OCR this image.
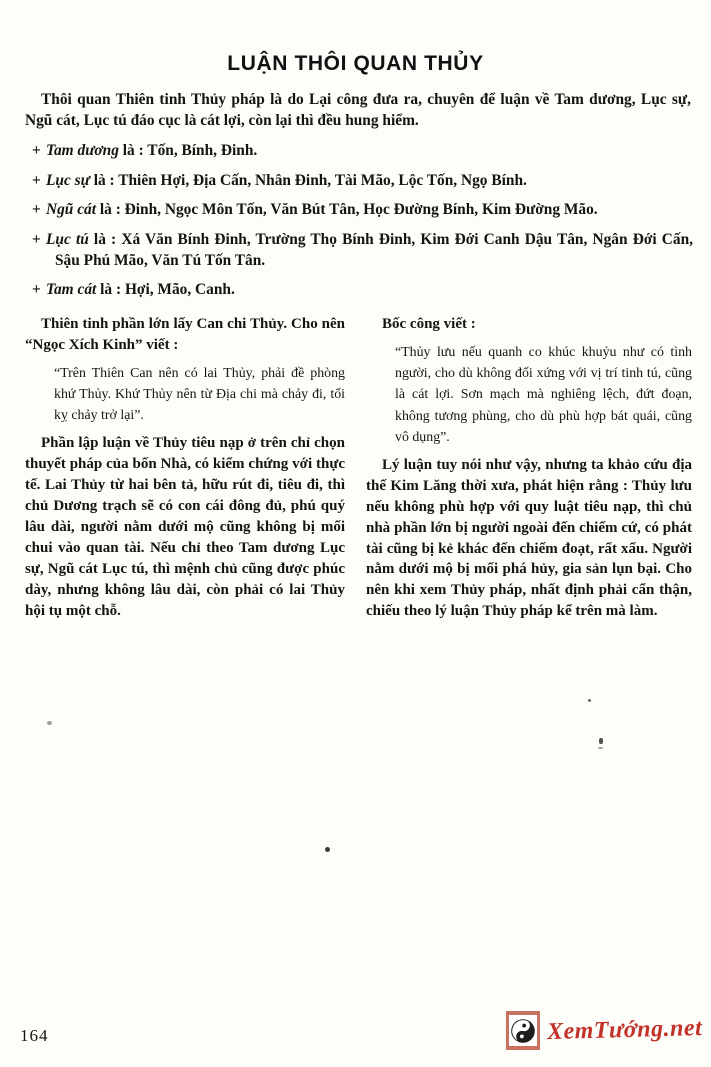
LUẬN THÔI QUAN THỦY

Thôi quan Thiên tinh Thủy pháp là do Lại công đưa ra, chuyên để luận về Tam dương, Lục sự, Ngũ cát, Lục tú đáo cục là cát lợi, còn lại thì đều hung hiểm.

+ Tam dương là : Tốn, Bính, Đinh.
+ Lục sự là : Thiên Hợi, Địa Cấn, Nhân Đinh, Tài Mão, Lộc Tốn, Ngọ Bính.
+ Ngũ cát là : Đinh, Ngọc Môn Tốn, Văn Bút Tân, Học Đường Bính, Kim Đường Mão.
+ Lục tú là : Xá Văn Bính Đinh, Trường Thọ Bính Đinh, Kim Đới Canh Dậu Tân, Ngân Đới Cấn, Sậu Phú Mão, Văn Tú Tốn Tân.
+ Tam cát là : Hợi, Mão, Canh.

Thiên tinh phần lớn lấy Can chi Thủy. Cho nên “Ngọc Xích Kinh” viết :

“Trên Thiên Can nên có lai Thủy, phải đề phòng khứ Thủy. Khứ Thủy nên từ Địa chi mà chảy đi, tối kỵ chảy trở lại”.

Phần lập luận về Thủy tiêu nạp ở trên chỉ chọn thuyết pháp của bốn Nhà, có kiểm chứng với thực tế. Lai Thủy từ hai bên tả, hữu rút đi, tiêu đi, thì chủ Dương trạch sẽ có con cái đông đủ, phú quý lâu dài, người nằm dưới mộ cũng không bị mối chui vào quan tài. Nếu chỉ theo Tam dương Lục sự, Ngũ cát Lục tú, thì mệnh chủ cũng được phúc dày, nhưng không lâu dài, còn phải có lai Thủy hội tụ một chỗ.

Bốc công viết :

“Thủy lưu nếu quanh co khúc khuỷu như có tình người, cho dù không đối xứng với vị trí tinh tú, cũng là cát lợi. Sơn mạch mà nghiêng lệch, đứt đoạn, không tương phùng, cho dù phù hợp bát quái, cũng vô dụng”.

Lý luận tuy nói như vậy, nhưng ta khảo cứu địa thế Kim Lăng thời xưa, phát hiện rằng : Thủy lưu nếu không phù hợp với quy luật tiêu nạp, thì chủ nhà phần lớn bị người ngoài đến chiếm cứ, có phát tài cũng bị kẻ khác đến chiếm đoạt, rất xấu. Người nằm dưới mộ bị mối phá hủy, gia sản lụn bại. Cho nên khi xem Thủy pháp, nhất định phải cẩn thận, chiếu theo lý luận Thủy pháp kể trên mà làm.

164	XemTướng.net
